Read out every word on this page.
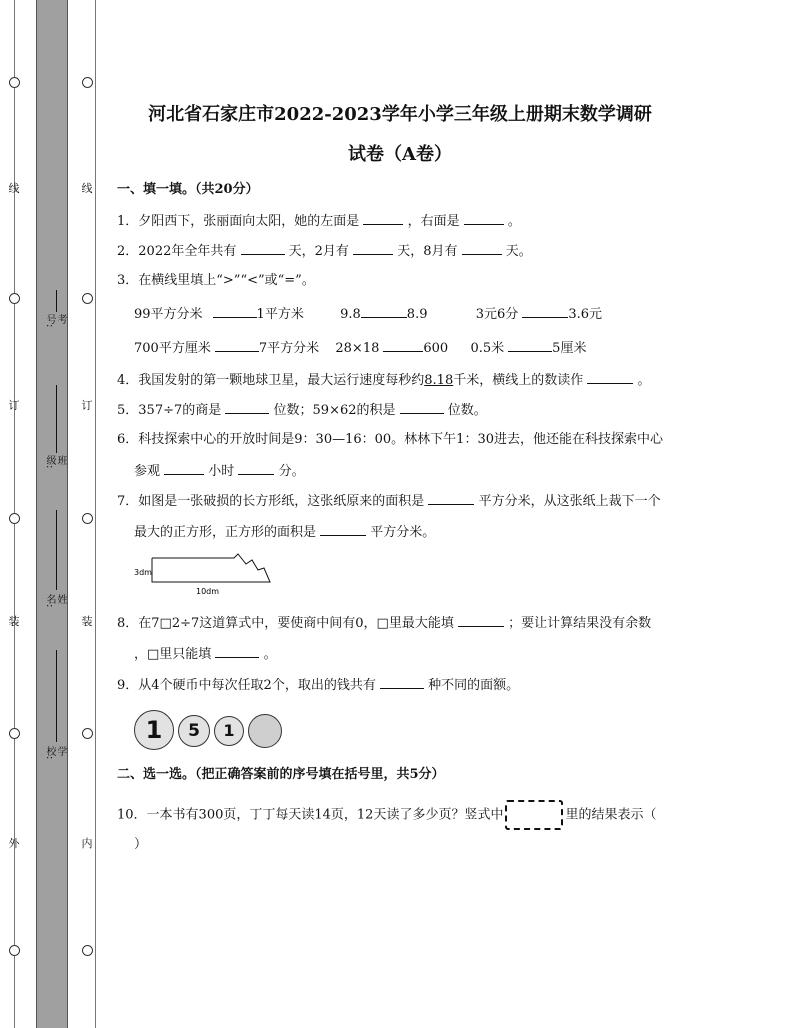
线
订
装
外
线
订
装
内
考号:
班级:
姓名:
学校:
河北省石家庄市2022-2023学年小学三年级上册期末数学调研
试卷（A卷）
一、填一填。（共20分）
1．夕阳西下，张丽面向太阳，她的左面是	，右面是	。
2．2022年全年共有	天，2月有	天，8月有	天。
3．在横线里填上“>”“<”或“=”。
99平方分米	1平方米	9.8	8.9	3元6分	3.6元
700平方厘米	7平方分米 28×18	600 0.5米	5厘米
4．我国发射的第一颗地球卫星，最大运行速度每秒约8.18千米，横线上的数读作	。
5．357÷7的商是	位数；59×62的积是	位数。
6．科技探索中心的开放时间是9：30—16：00。林林下午1：30进去，他还能在科技探索中心
参观	小时	分。
7．如图是一张破损的长方形纸，这张纸原来的面积是	平方分米，从这张纸上裁下一个
最大的正方形，正方形的面积是	平方分米。
3dm
10dm
8．在7□2÷7这道算式中，要使商中间有0，□里最大能填	；要让计算结果没有余数
，□里只能填	。
9．从4个硬币中每次任取2个，取出的钱共有	种不同的面额。
1	5	1
二、选一选。（把正确答案前的序号填在括号里，共5分）
10．一本书有300页，丁丁每天读14页，12天读了多少页？竖式中	里的结果表示（
）
